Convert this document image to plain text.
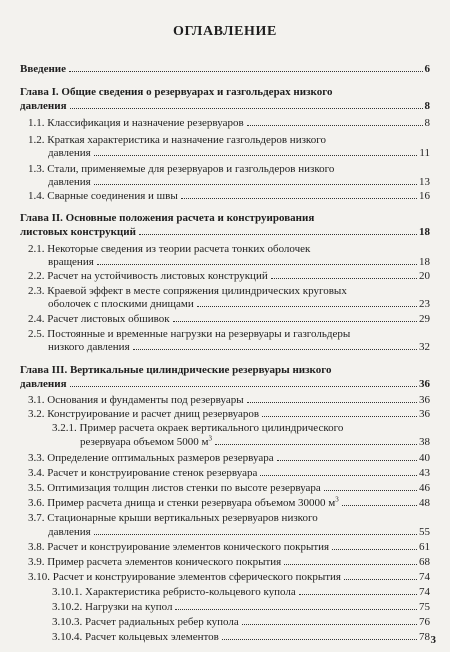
ОГЛАВЛЕНИЕ
Введение	6
Глава I. Общие сведения о резервуарах и газгольдерах низкого
давления	8
1.1. Классификация и назначение резервуаров	8
1.2. Краткая характеристика и назначение газгольдеров низкого
давления	11
1.3. Стали, применяемые для резервуаров и газгольдеров низкого
давления	13
1.4. Сварные соединения и швы	16
Глава II. Основные положения расчета и конструирования
листовых конструкций	18
2.1. Некоторые сведения из теории расчета тонких оболочек
вращения	18
2.2. Расчет на устойчивость листовых конструкций	20
2.3. Краевой эффект в месте сопряжения цилиндрических круговых
оболочек с плоскими днищами	23
2.4. Расчет листовых обшивок	29
2.5. Постоянные и временные нагрузки на резервуары и газгольдеры
низкого давления	32
Глава III. Вертикальные цилиндрические резервуары низкого
давления	36
3.1. Основания и фундаменты под резервуары	36
3.2. Конструирование и расчет днищ резервуаров	36
3.2.1. Пример расчета окраек вертикального цилиндрического
резервуара объемом 5000 $м^3$	38
3.3. Определение оптимальных размеров резервуара	40
3.4. Расчет и конструирование стенок резервуара	43
3.5. Оптимизация толщин листов стенки по высоте резервуара	46
3.6. Пример расчета днища и стенки резервуара объемом 30000 $м^3$	48
3.7. Стационарные крыши вертикальных резервуаров низкого
давления	55
3.8. Расчет и конструирование элементов конического покрытия	61
3.9. Пример расчета элементов конического покрытия	68
3.10. Расчет и конструирование элементов сферического покрытия	74
3.10.1. Характеристика ребристо-кольцевого купола	74
3.10.2. Нагрузки на купол	75
3.10.3. Расчет радиальных ребер купола	76
3.10.4. Расчет кольцевых элементов	78 3
